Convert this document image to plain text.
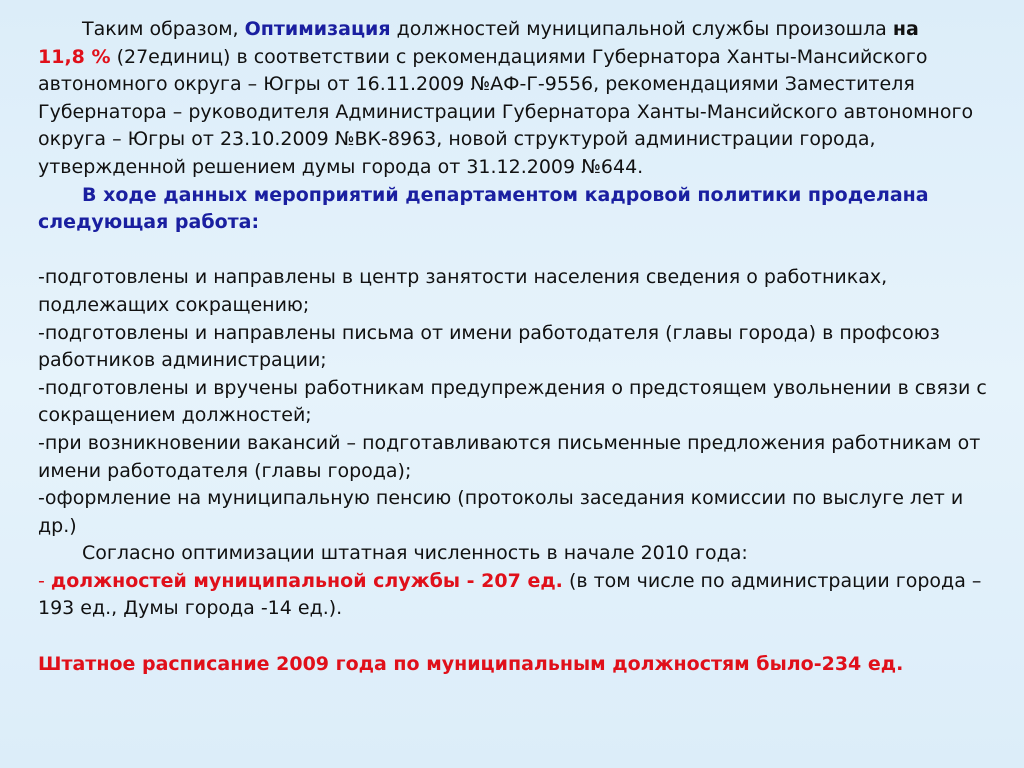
Таким образом, Оптимизация должностей муниципальной службы произошла на
11,8 % (27единиц) в соответствии с рекомендациями Губернатора Ханты-Мансийского автономного округа – Югры от 16.11.2009 №АФ-Г-9556, рекомендациями Заместителя Губернатора – руководителя Администрации Губернатора Ханты-Мансийского автономного округа – Югры от 23.10.2009 №ВК-8963, новой структурой администрации города, утвержденной решением думы города от 31.12.2009 №644.

В ходе данных мероприятий департаментом кадровой политики проделана следующая работа:

-подготовлены и направлены в центр занятости населения сведения о работниках, подлежащих сокращению;

-подготовлены и направлены письма от имени работодателя (главы города) в профсоюз работников администрации;

-подготовлены и вручены работникам предупреждения о предстоящем увольнении в связи с сокращением должностей;

-при возникновении вакансий – подготавливаются письменные предложения работникам от имени работодателя (главы города);

-оформление на муниципальную пенсию (протоколы заседания комиссии по выслуге лет и др.)

Согласно оптимизации штатная численность в начале 2010 года:

- должностей муниципальной службы - 207 ед. (в том числе по администрации города – 193 ед., Думы города -14 ед.).

Штатное расписание 2009 года по муниципальным должностям было-234 ед.
